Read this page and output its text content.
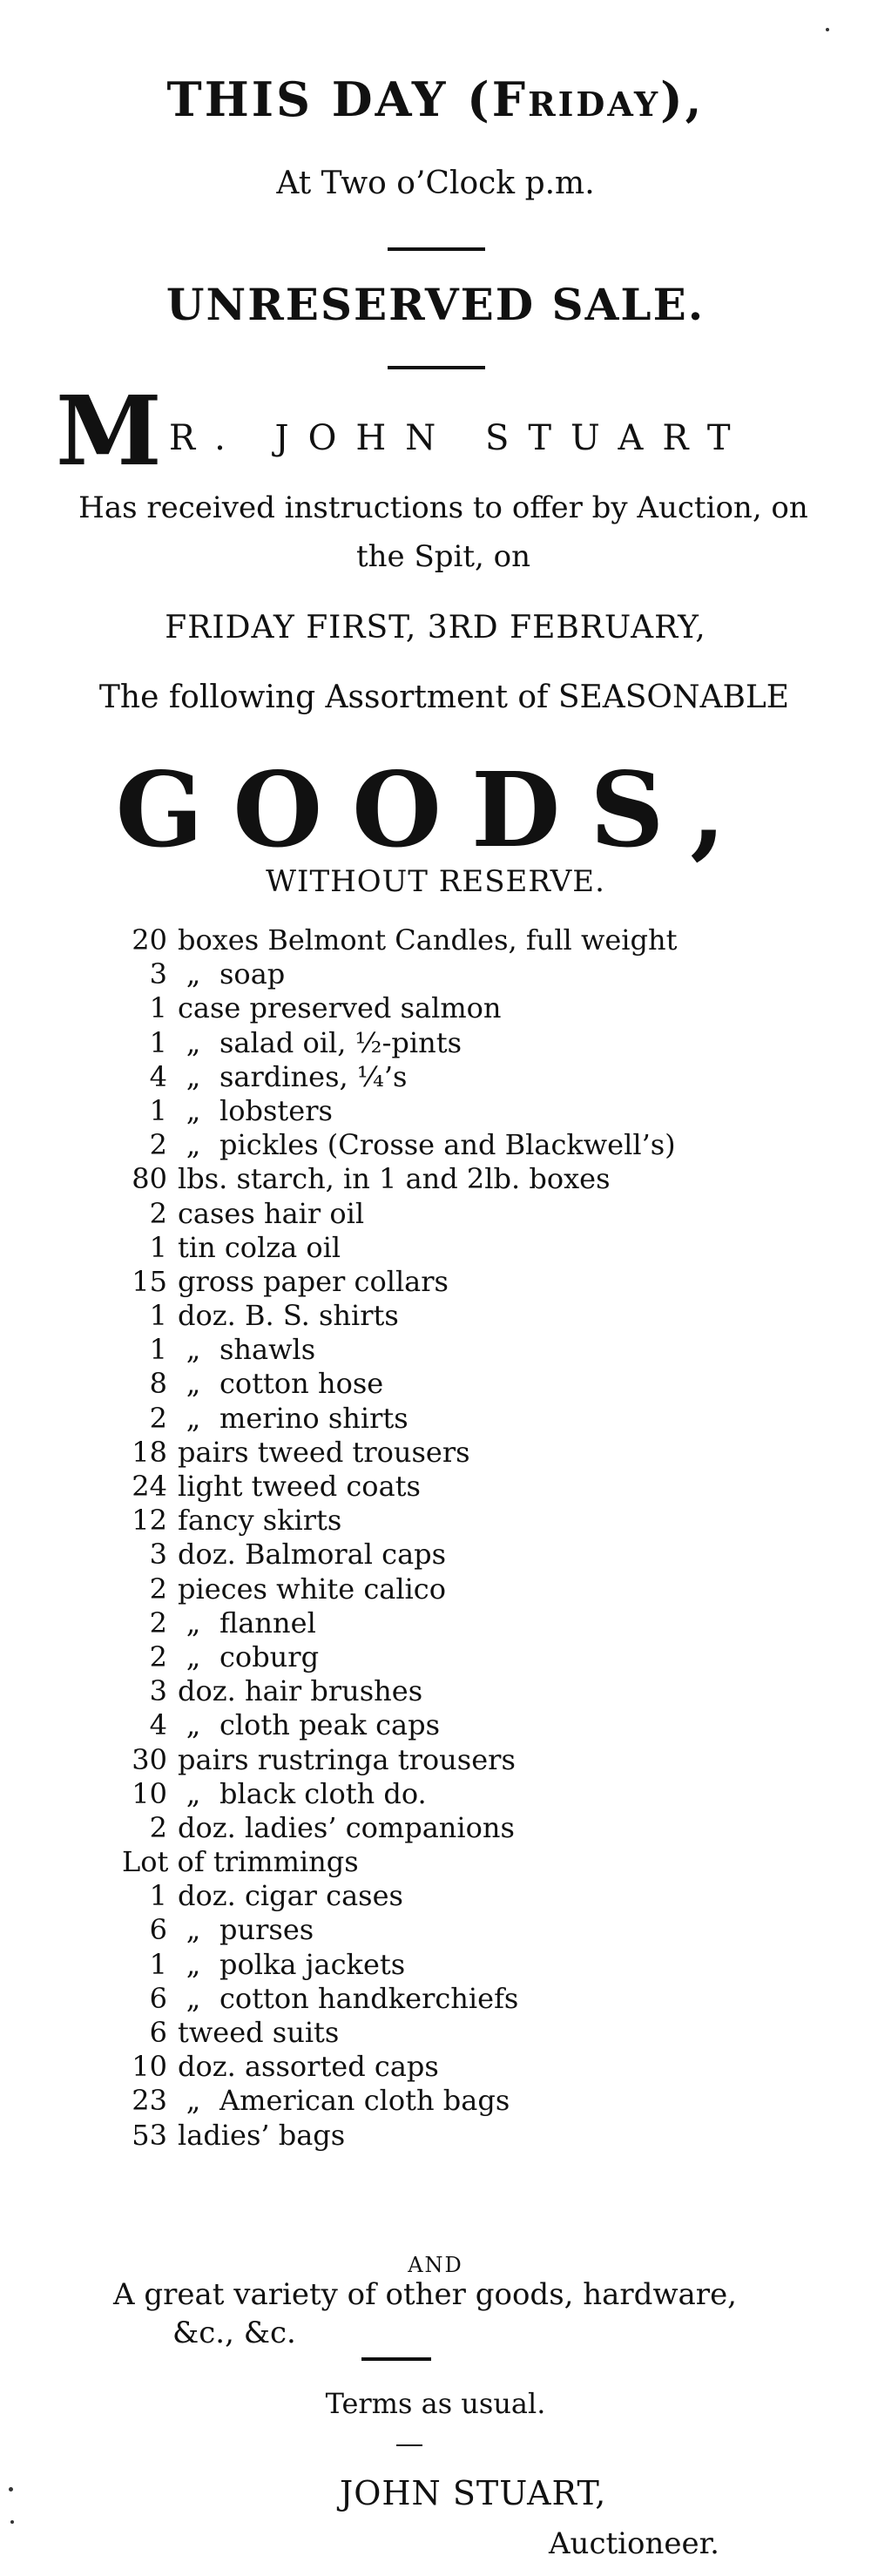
THIS DAY (Friday),
At Two o’Clock p.m.
UNRESERVED SALE.
M R. JOHN STUART
Has received instructions to offer by Auction, on the Spit, on
FRIDAY FIRST, 3RD FEBRUARY,
The following Assortment of SEASONABLE
GOODS,
WITHOUT RESERVE.
20 boxes Belmont Candles, full weight
3 „ soap
1 case preserved salmon
1 „ salad oil, ½-pints
4 „ sardines, ¼’s
1 „ lobsters
2 „ pickles (Crosse and Blackwell’s)
80 lbs. starch, in 1 and 2lb. boxes
2 cases hair oil
1 tin colza oil
15 gross paper collars
1 doz. B. S. shirts
1 „ shawls
8 „ cotton hose
2 „ merino shirts
18 pairs tweed trousers
24 light tweed coats
12 fancy skirts
3 doz. Balmoral caps
2 pieces white calico
2 „ flannel
2 „ coburg
3 doz. hair brushes
4 „ cloth peak caps
30 pairs rustringa trousers
10 „ black cloth do.
2 doz. ladies’ companions
Lot of trimmings
1 doz. cigar cases
6 „ purses
1 „ polka jackets
6 „ cotton handkerchiefs
6 tweed suits
10 doz. assorted caps
23 „ American cloth bags
53 ladies’ bags
AND
A great variety of other goods, hardware,
&c., &c.
Terms as usual.
JOHN STUART,
Auctioneer.
